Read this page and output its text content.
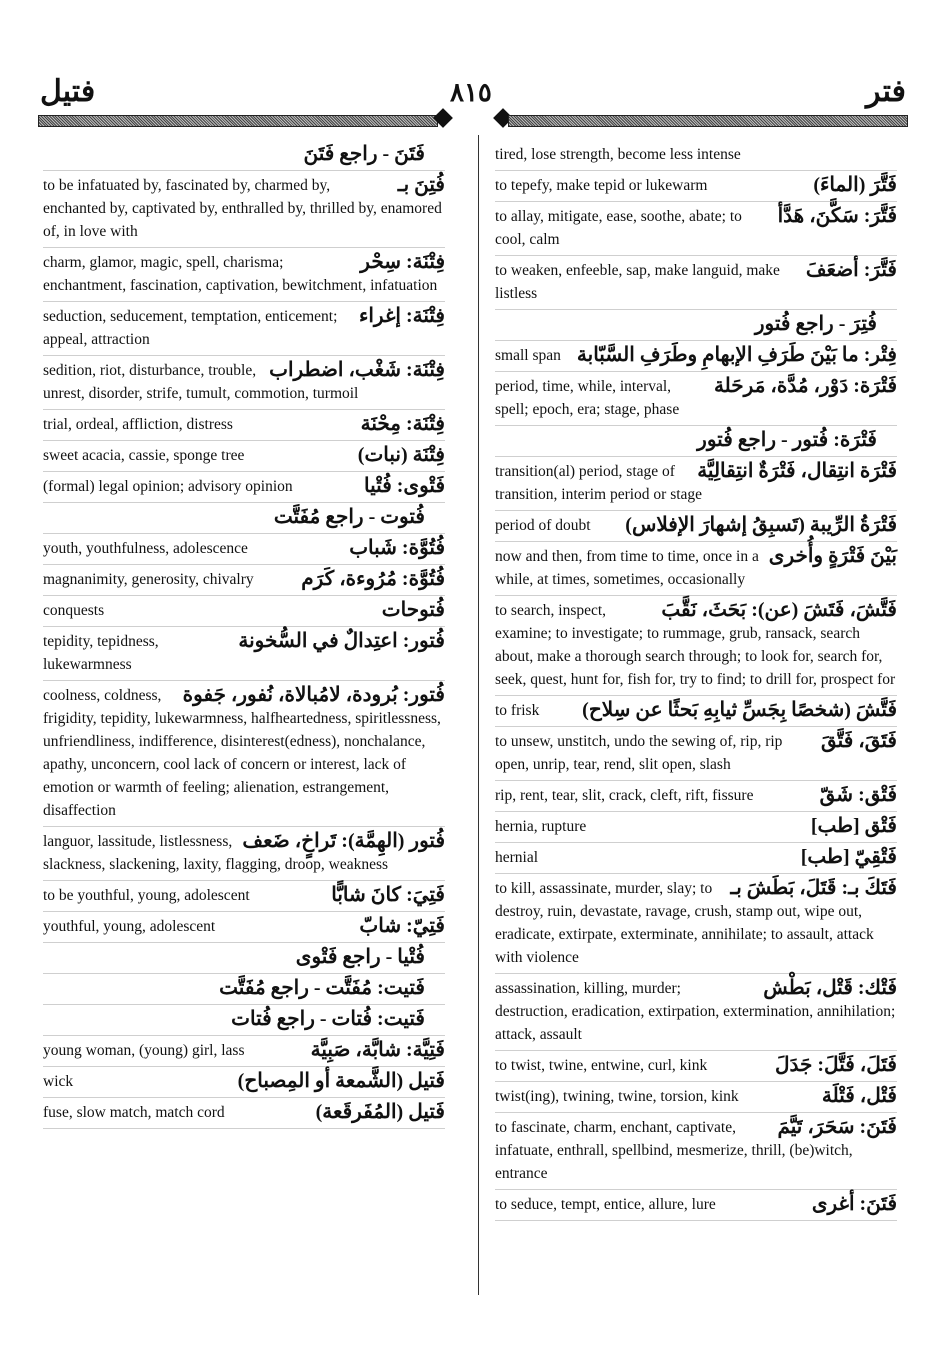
فتيل	٨١٥	فتر
فَتَنَ - راجع فَتَنَ
فُتِنَ بـ
to be infatuated by, fascinated by, charmed by, enchanted by, captivated by, enthralled by, thrilled by, enamored of, in love with
فِتْنَة: سِحْر
charm, glamor, magic, spell, charisma; enchantment, fascination, captivation, bewitchment, infatuation
فِتْنَة: إغراء
seduction, seducement, temptation, enticement; appeal, attraction
فِتْنَة: شَغْب، اضطراب
sedition, riot, disturbance, trouble, unrest, disorder, strife, tumult, commotion, turmoil
فِتْنَة: مِحْنَة
trial, ordeal, affliction, distress
فِتْنَة (نبات)
sweet acacia, cassie, sponge tree
فَتْوى: فُتْيا
(formal) legal opinion; advisory opinion
فُتوت - راجع مُفَتَّت
فُتُوَّة: شَباب
youth, youthfulness, adolescence
فُتُوَّة: مُرُوءة، كَرَم
magnanimity, generosity, chivalry
فُتوحات
conquests
فُتور: اعتِدالٌ في السُّخونة
tepidity, tepidness, lukewarmness
فُتور: بُرودة، لامُبالاة، نُفور، جَفوة
coolness, coldness, frigidity, tepidity, lukewarmness, halfheartedness, spiritlessness, unfriendliness, indifference, disinterest(edness), nonchalance, apathy, unconcern, cool lack of concern or interest, lack of emotion or warmth of feeling; alienation, estrangement, disaffection
فُتور (الهِمَّة): تَراخٍ، ضَعف
languor, lassitude, listlessness, slackness, slackening, laxity, flagging, droop, weakness
فَتِيَ: كانَ شابًّا
to be youthful, young, adolescent
فَتِيّ: شابّ
youthful, young, adolescent
فُتْيا - راجع فَتْوى
فَتيت: مُفَتَّت - راجع مُفَتَّت
فَتيت: فُتات - راجع فُتات
فَتِيَّة: شابَّة، صَبِيَّة
young woman, (young) girl, lass
فَتيل (الشَّمعة أو المِصباح)
wick
فَتيل (المُفَرقَعة)
fuse, slow match, match cord
tired, lose strength, become less intense
فَتَّرَ (الماءَ)
to tepefy, make tepid or lukewarm
فَتَّرَ: سَكَّنَ، هَدَّأ
to allay, mitigate, ease, soothe, abate; to cool, calm
فَتَّرَ: أضعَفَ
to weaken, enfeeble, sap, make languid, make listless
فُتِرَ - راجع فُتور
فِتْر: ما بَيْنَ طَرَفِ الإبهامِ وطَرَفِ السَّبّابة
small span
فَتْرَة: دَوْر، مُدَّة، مَرحَلة
period, time, while, interval, spell; epoch, era; stage, phase
فَتْرَة: فُتور - راجع فُتور
فَتْرَة انتِقال، فَتْرَةٌ انتِقالِيَّة
transition(al) period, stage of transition, interim period or stage
فَتْرَةُ الرِّيبة (تَسبِقُ إشهارَ الإفلاس)
period of doubt
بَيْنَ فَتْرَةٍ وأُخرى
now and then, from time to time, once in a while, at times, sometimes, occasionally
فَتَّشَ، فَتَشَ (عن): بَحَثَ، نَقَّبَ
to search, inspect, examine; to investigate; to rummage, grub, ransack, search about, make a thorough search through; to look for, search for, seek, quest, hunt for, fish for, try to find; to drill for, prospect for
فَتَّشَ (شخصًا بِجَسِّ ثيابِهِ بَحثًا عن سِلاح)
to frisk
فَتَقَ، فَتَّقَ
to unsew, unstitch, undo the sewing of, rip, rip open, unrip, tear, rend, slit open, slash
فَتْق: شَقّ
rip, rent, tear, slit, crack, cleft, rift, fissure
فَتْق [طب]
hernia, rupture
فَتْقِيّ [طب]
hernial
فَتَكَ بـ: قَتَلَ، بَطَشَ بـ
to kill, assassinate, murder, slay; to destroy, ruin, devastate, ravage, crush, stamp out, wipe out, eradicate, extirpate, exterminate, annihilate; to assault, attack with violence
فَتْك: قَتْل، بَطْش
assassination, killing, murder; destruction, eradication, extirpation, extermination, annihilation; attack, assault
فَتَلَ، فَتَّلَ: جَدَلَ
to twist, twine, entwine, curl, kink
فَتْل، فَتْلَة
twist(ing), twining, twine, torsion, kink
فَتَنَ: سَحَرَ، تَيَّمَ
to fascinate, charm, enchant, captivate, infatuate, enthrall, spellbind, mesmerize, thrill, (be)witch, entrance
فَتَنَ: أغرى
to seduce, tempt, entice, allure, lure
